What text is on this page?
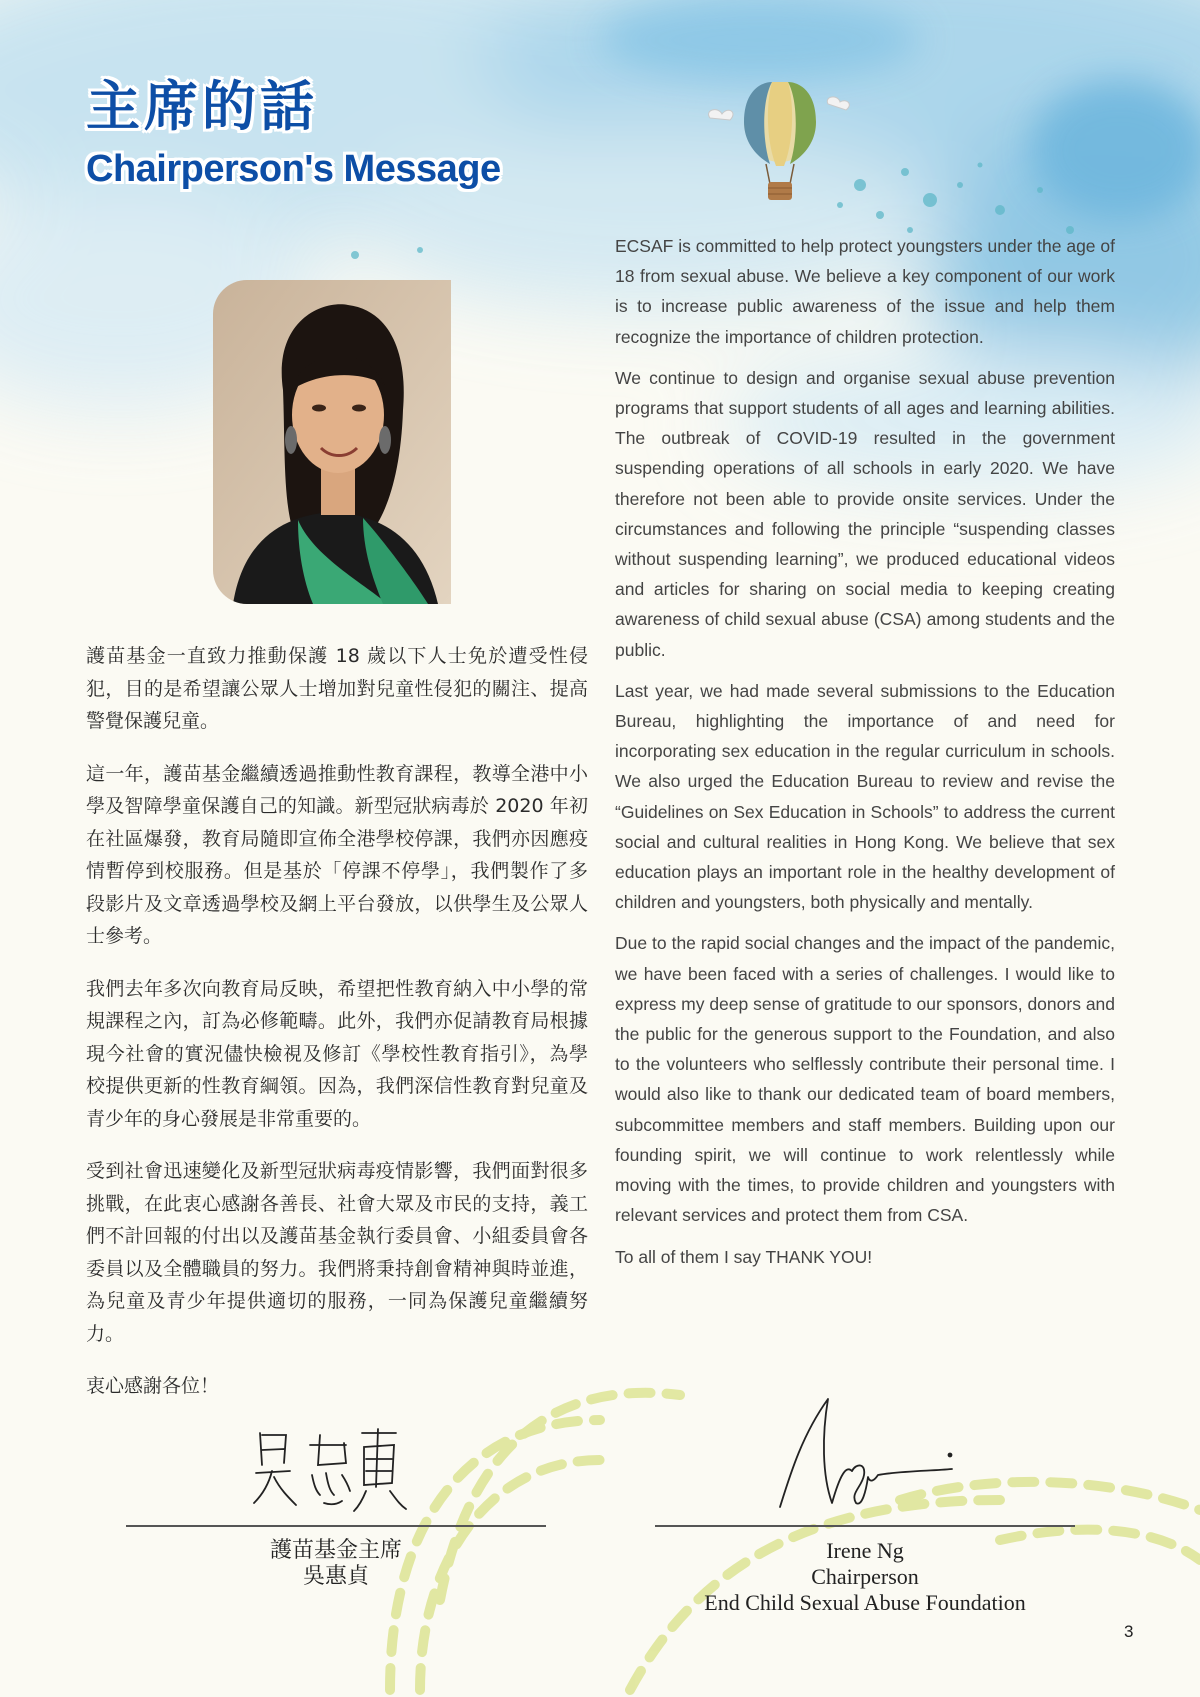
主席的話
Chairperson's Message

護苗基金一直致力推動保護 18 歲以下人士免於遭受性侵犯，目的是希望讓公眾人士增加對兒童性侵犯的關注、提高警覺保護兒童。

這一年，護苗基金繼續透過推動性教育課程，教導全港中小學及智障學童保護自己的知識。新型冠狀病毒於 2020 年初在社區爆發，教育局隨即宣佈全港學校停課，我們亦因應疫情暫停到校服務。但是基於「停課不停學」，我們製作了多段影片及文章透過學校及網上平台發放，以供學生及公眾人士參考。

我們去年多次向教育局反映，希望把性教育納入中小學的常規課程之內，訂為必修範疇。此外，我們亦促請教育局根據現今社會的實況儘快檢視及修訂《學校性教育指引》，為學校提供更新的性教育綱領。因為，我們深信性教育對兒童及青少年的身心發展是非常重要的。

受到社會迅速變化及新型冠狀病毒疫情影響，我們面對很多挑戰，在此衷心感謝各善長、社會大眾及市民的支持，義工們不計回報的付出以及護苗基金執行委員會、小組委員會各委員以及全體職員的努力。我們將秉持創會精神與時並進，為兒童及青少年提供適切的服務，一同為保護兒童繼續努力。

衷心感謝各位！

ECSAF is committed to help protect youngsters under the age of 18 from sexual abuse. We believe a key component of our work is to increase public awareness of the issue and help them recognize the importance of children protection.

We continue to design and organise sexual abuse prevention programs that support students of all ages and learning abilities. The outbreak of COVID-19 resulted in the government suspending operations of all schools in early 2020. We have therefore not been able to provide onsite services. Under the circumstances and following the principle “suspending classes without suspending learning”, we produced educational videos and articles for sharing on social media to keeping creating awareness of child sexual abuse (CSA) among students and the public.

Last year, we had made several submissions to the Education Bureau, highlighting the importance of and need for incorporating sex education in the regular curriculum in schools. We also urged the Education Bureau to review and revise the “Guidelines on Sex Education in Schools” to address the current social and cultural realities in Hong Kong. We believe that sex education plays an important role in the healthy development of children and youngsters, both physically and mentally.

Due to the rapid social changes and the impact of the pandemic, we have been faced with a series of challenges. I would like to express my deep sense of gratitude to our sponsors, donors and the public for the generous support to the Foundation, and also to the volunteers who selflessly contribute their personal time. I would also like to thank our dedicated team of board members, subcommittee members and staff members. Building upon our founding spirit, we will continue to work relentlessly while moving with the times, to provide children and youngsters with relevant services and protect them from CSA.

To all of them I say THANK YOU!

護苗基金主席
吳惠貞
Irene Ng
Chairperson
End Child Sexual Abuse Foundation
3
